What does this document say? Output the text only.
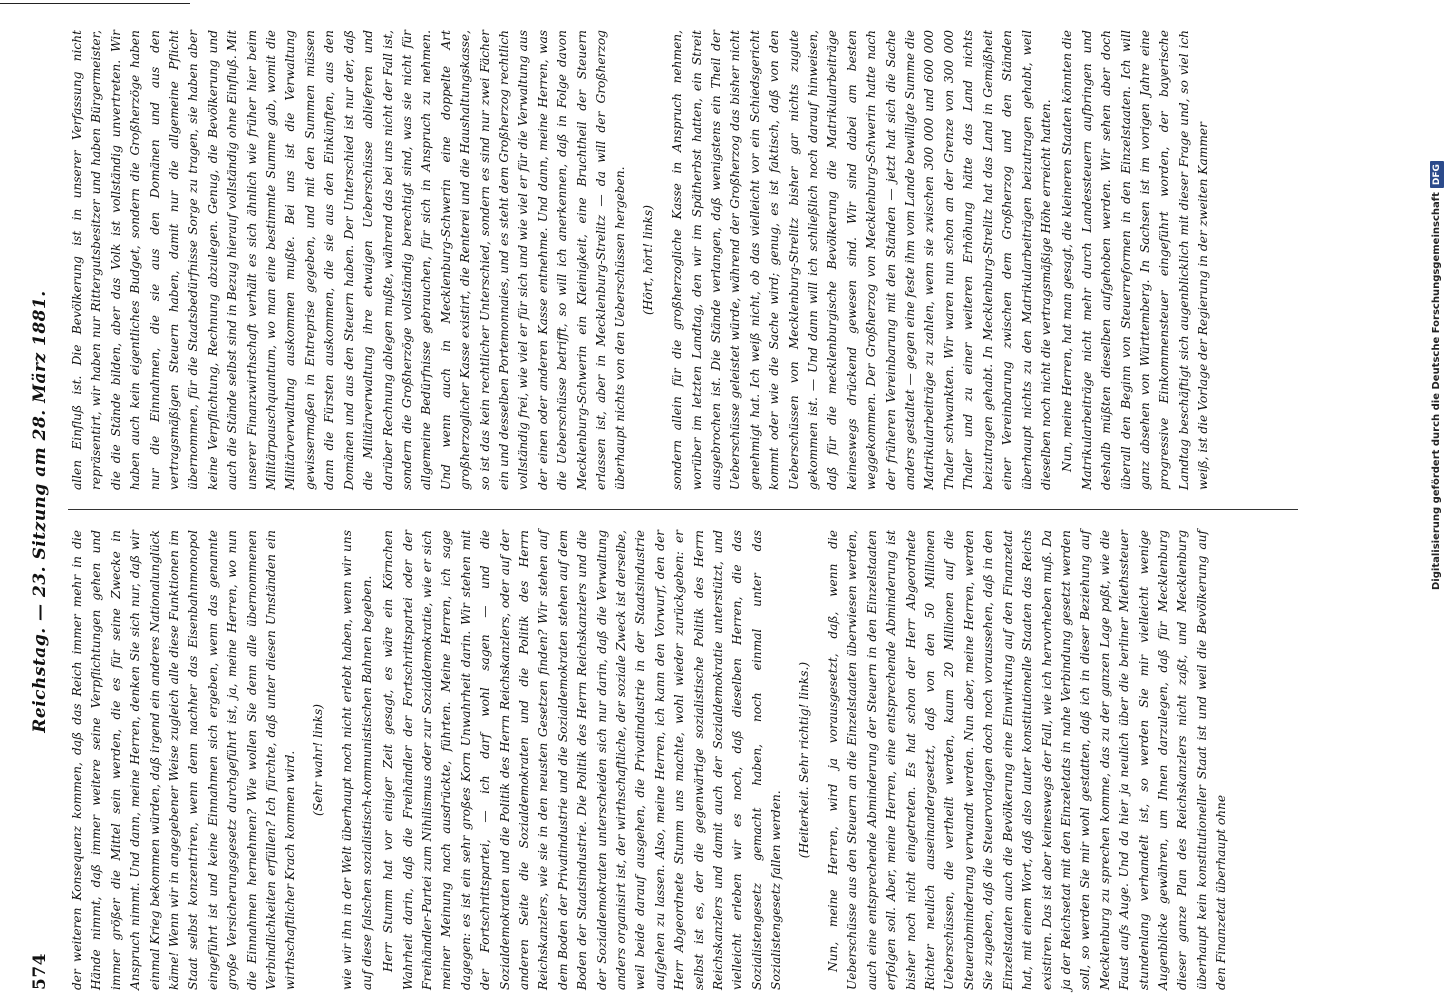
574
Reichstag. — 23. Sitzung am 28. März 1881.

der weiteren Konsequenz kommen, daß das Reich immer mehr in die Hände nimmt, daß immer weitere seine Verpflichtungen gehen und immer größer die Mittel sein werden, die es für seine Zwecke in Anspruch nimmt. Und dann, meine Herren, denken Sie sich nur, daß wir einmal Krieg bekommen würden, daß irgend ein anderes Nationalunglück käme! Wenn wir in angegebener Weise zugleich alle diese Funktionen im Staat selbst konzentriren, wenn denn nachher das Eisenbahnmonopol eingeführt ist und keine Einnahmen sich ergeben, wenn das genannte große Versicherungsgesetz durchgeführt ist, ja, meine Herren, wo nun die Einnahmen hernehmen? Wie wollen Sie denn alle übernommenen Verbindlichkeiten erfüllen? Ich fürchte, daß unter diesen Umständen ein wirthschaftlicher Krach kommen wird. (Sehr wahr! links) wie wir ihn in der Welt überhaupt noch nicht erlebt haben, wenn wir uns auf diese falschen sozialistisch-kommunistischen Bahnen begeben. Herr Stumm hat vor einiger Zeit gesagt, es wäre ein Körnchen Wahrheit darin, daß die Freihändler der Fortschrittspartei oder der Freihändler-Partei zum Nihilismus oder zur Sozialdemokratie, wie er sich meiner Meinung nach ausdrückte, führten. Meine Herren, ich sage dagegen: es ist ein sehr großes Korn Unwahrheit darin. Wir stehen mit der Fortschrittspartei, — ich darf wohl sagen — und die Sozialdemokraten und die Politik des Herrn Reichskanzlers, oder auf der anderen Seite die Sozialdemokraten und die Politik des Herrn Reichskanzlers, wie sie in den neusten Gesetzen finden? Wir stehen auf dem Boden der Privatindustrie und die Sozialdemokraten stehen auf dem Boden der Staatsindustrie. Die Politik des Herrn Reichskanzlers und die der Sozialdemokraten unterscheiden sich nur darin, daß die Verwaltung anders organisirt ist, der wirthschaftliche, der soziale Zweck ist derselbe, weil beide darauf ausgehen, die Privatindustrie in der Staatsindustrie aufgehen zu lassen. Also, meine Herren, ich kann den Vorwurf, den der Herr Abgeordnete Stumm uns machte, wohl wieder zurückgeben: er selbst ist es, der die gegenwärtige sozialistische Politik des Herrn Reichskanzlers und damit auch der Sozialdemokratie unterstützt, und vielleicht erleben wir es noch, daß dieselben Herren, die das Sozialistengesetz gemacht haben, noch einmal unter das Sozialistengesetz fallen werden.

(Heiterkeit. Sehr richtig! links.) Nun, meine Herren, wird ja vorausgesetzt, daß, wenn die Ueberschüsse aus den Steuern an die Einzelstaaten überwiesen werden, auch eine entsprechende Abminderung der Steuern in den Einzelstaaten erfolgen soll. Aber, meine Herren, eine entsprechende Abminderung ist bisher noch nicht eingetreten. Es hat schon der Herr Abgeordnete Richter neulich auseinandergesetzt, daß von den 50 Millionen Ueberschüssen, die vertheilt werden, kaum 20 Millionen auf die Steuerabminderung verwandt werden. Nun aber, meine Herren, werden Sie zugeben, daß die Steuervorlagen doch noch voraussehen, daß in den Einzelstaaten auch die Bevölkerung eine Einwirkung auf den Finanzetat hat, mit einem Wort, daß also lauter konstitutionelle Staaten das Reichs existiren. Das ist aber keineswegs der Fall, wie ich hervorheben muß. Da ja der Reichsetat mit den Einzeletats in nahe Verbindung gesetzt werden soll, so werden Sie mir wohl gestatten, daß ich in dieser Beziehung auf Mecklenburg zu sprechen komme, das zu der ganzen Lage paßt, wie die Faust aufs Auge. Und da hier ja neulich über die berliner Miethssteuer stundenlang verhandelt ist, so werden Sie mir vielleicht wenige Augenblicke gewähren, um Ihnen darzulegen, daß für Mecklenburg dieser ganze Plan des Reichskanzlers nicht zaßt, und Mecklenburg überhaupt kein konstitutioneller Staat ist und weil die Bevölkerung auf den Finanzetat überhaupt ohne

allen Einfluß ist. Die Bevölkerung ist in unserer Verfassung nicht repräsentirt, wir haben nur Rittergutsbesitzer und haben Bürgermeister, die die Stände bilden, aber das Volk ist vollständig unvertreten. Wir haben auch kein eigentliches Budget, sondern die Großherzöge haben nur die Einnahmen, die sie aus den Domänen und aus den vertragsmäßigen Steuern haben, damit nur die allgemeine Pflicht übernommen, für die Staatsbedürfnisse Sorge zu tragen, sie haben aber keine Verpflichtung, Rechnung abzulegen. Genug, die Bevölkerung und auch die Stände selbst sind in Bezug hierauf vollständig ohne Einfluß. Mit unserer Finanzwirthschaft verhält es sich ähnlich wie früher hier beim Militärpauschquantum, wo man eine bestimmte Summe gab, womit die Militärverwaltung auskommen mußte. Bei uns ist die Verwaltung gewissermaßen in Entreprise gegeben, und mit den Summen müssen dann die Fürsten auskommen, die sie aus den Einkünften, aus den Domänen und aus den Steuern haben. Der Unterschied ist nur der, daß die Militärverwaltung ihre etwaigen Ueberschüsse ablieferen und darüber Rechnung ablegen mußte, während das bei uns nicht der Fall ist, sondern die Großherzöge vollständig berechtigt sind, was sie nicht für allgemeine Bedürfnisse gebrauchen, für sich in Anspruch zu nehmen. Und wenn auch in Mecklenburg-Schwerin eine doppelte Art großherzoglicher Kasse existirt, die Renterei und die Haushaltungskasse, so ist das kein rechtlicher Unterschied, sondern es sind nur zwei Fächer ein und desselben Portemonnaies, und es steht dem Großherzog rechtlich vollständig frei, wie viel er für sich und wie viel er für die Verwaltung aus der einen oder anderen Kasse entnehme. Und dann, meine Herren, was die Ueberschüsse betrifft, so will ich anerkennen, daß in Folge davon Mecklenburg-Schwerin ein Kleinigkeit, eine Bruchtheil der Steuern erlassen ist, aber in Mecklenburg-Strelitz — da will der Großherzog überhaupt nichts von den Ueberschüssen hergeben. (Hört, hört! links) sondern allein für die großherzogliche Kasse in Anspruch nehmen, worüber im letzten Landtag, den wir im Spätherbst hatten, ein Streit ausgebrochen ist. Die Stände verlangen, daß wenigstens ein Theil der Ueberschüsse geleistet würde, während der Großherzog das bisher nicht genehmigt hat. Ich weiß nicht, ob das vielleicht vor ein Schiedsgericht kommt oder wie die Sache wird; genug, es ist faktisch, daß von den Ueberschüssen von Mecklenburg-Strelitz bisher gar nichts zugute gekommen ist. — Und dann will ich schließlich noch darauf hinweisen, daß für die mecklenburgische Bevölkerung die Matrikularbeiträge keineswegs drückend gewesen sind. Wir sind dabei am besten weggekommen. Der Großherzog von Mecklenburg-Schwerin hatte nach der früheren Vereinbarung mit den Ständen — jetzt hat sich die Sache anders gestaltet — gegen eine feste ihm vom Lande bewilligte Summe die Matrikularbeiträge zu zahlen, wenn sie zwischen 300 000 und 600 000 Thaler schwankten. Wir waren nun schon an der Grenze von 300 000 Thaler und zu einer weiteren Erhöhung hätte das Land nichts beizutragen gehabt. In Mecklenburg-Strelitz hat das Land in Gemäßheit einer Vereinbarung zwischen dem Großherzog und den Ständen überhaupt nichts zu den Matrikularbeiträgen beizutragen gehabt, weil dieselben noch nicht die vertragsmäßige Höhe erreicht hatten. Nun, meine Herren, hat man gesagt, die kleineren Staaten könnten die Matrikularbeiträge nicht mehr durch Landessteuern aufbringen und deshalb müßten dieselben aufgehoben werden. Wir sehen aber doch überall den Beginn von Steuerreformen in den Einzelstaaten. Ich will ganz absehen von Württemberg. In Sachsen ist im vorigen Jahre eine progressive Einkommensteuer eingeführt worden, der bayerische Landtag beschäftigt sich augenblicklich mit dieser Frage und, so viel ich weiß, ist die Vorlage der Regierung in der zweiten Kammer	Digitalisierung gefördert durch die Deutsche ForschungsgemeinschaftDFG
